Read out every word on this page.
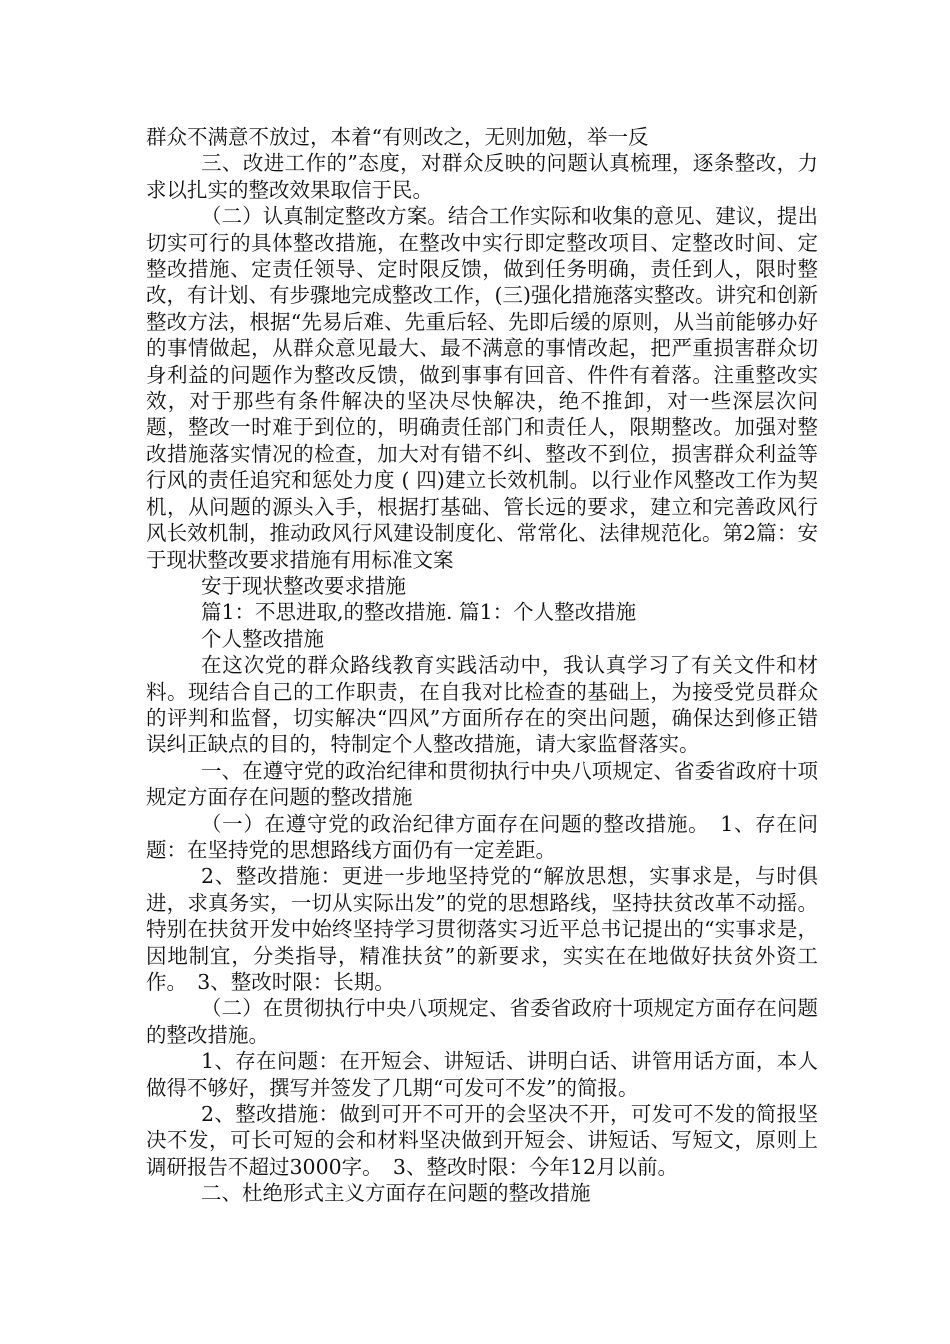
群众不满意不放过，本着“有则改之，无则加勉，举一反

三、改进工作的”态度，对群众反映的问题认真梳理，逐条整改，力求以扎实的整改效果取信于民。

（二）认真制定整改方案。结合工作实际和收集的意见、建议，提出切实可行的具体整改措施，在整改中实行即定整改项目、定整改时间、定整改措施、定责任领导、定时限反馈，做到任务明确，责任到人，限时整改，有计划、有步骤地完成整改工作，(三)强化措施落实整改。讲究和创新整改方法，根据“先易后难、先重后轻、先即后缓的原则，从当前能够办好的事情做起，从群众意见最大、最不满意的事情改起，把严重损害群众切身利益的问题作为整改反馈，做到事事有回音、件件有着落。注重整改实效，对于那些有条件解决的坚决尽快解决，绝不推卸，对一些深层次问题，整改一时难于到位的，明确责任部门和责任人，限期整改。加强对整改措施落实情况的检查，加大对有错不纠、整改不到位，损害群众利益等行风的责任追究和惩处力度 ( 四)建立长效机制。以行业作风整改工作为契机，从问题的源头入手，根据打基础、管长远的要求，建立和完善政风行风长效机制，推动政风行风建设制度化、常常化、法律规范化。第2篇：安于现状整改要求措施有用标准文案

安于现状整改要求措施

篇1：不思进取,的整改措施. 篇1：个人整改措施

个人整改措施

在这次党的群众路线教育实践活动中，我认真学习了有关文件和材料。现结合自己的工作职责，在自我对比检查的基础上，为接受党员群众的评判和监督，切实解决“四风”方面所存在的突出问题，确保达到修正错误纠正缺点的目的，特制定个人整改措施，请大家监督落实。

一、在遵守党的政治纪律和贯彻执行中央八项规定、省委省政府十项规定方面存在问题的整改措施

（一）在遵守党的政治纪律方面存在问题的整改措施。　1、存在问题：在坚持党的思想路线方面仍有一定差距。

2、整改措施：更进一步地坚持党的“解放思想，实事求是，与时俱进，求真务实，一切从实际出发”的党的思想路线，坚持扶贫改革不动摇。特别在扶贫开发中始终坚持学习贯彻落实习近平总书记提出的“实事求是，因地制宜，分类指导，精准扶贫”的新要求，实实在在地做好扶贫外资工作。　3、整改时限：长期。

（二）在贯彻执行中央八项规定、省委省政府十项规定方面存在问题的整改措施。

1、存在问题：在开短会、讲短话、讲明白话、讲管用话方面，本人做得不够好，撰写并签发了几期“可发可不发”的简报。

2、整改措施：做到可开不可开的会坚决不开，可发可不发的简报坚决不发，可长可短的会和材料坚决做到开短会、讲短话、写短文，原则上调研报告不超过3000字。　3、整改时限：今年12月以前。

二、杜绝形式主义方面存在问题的整改措施
